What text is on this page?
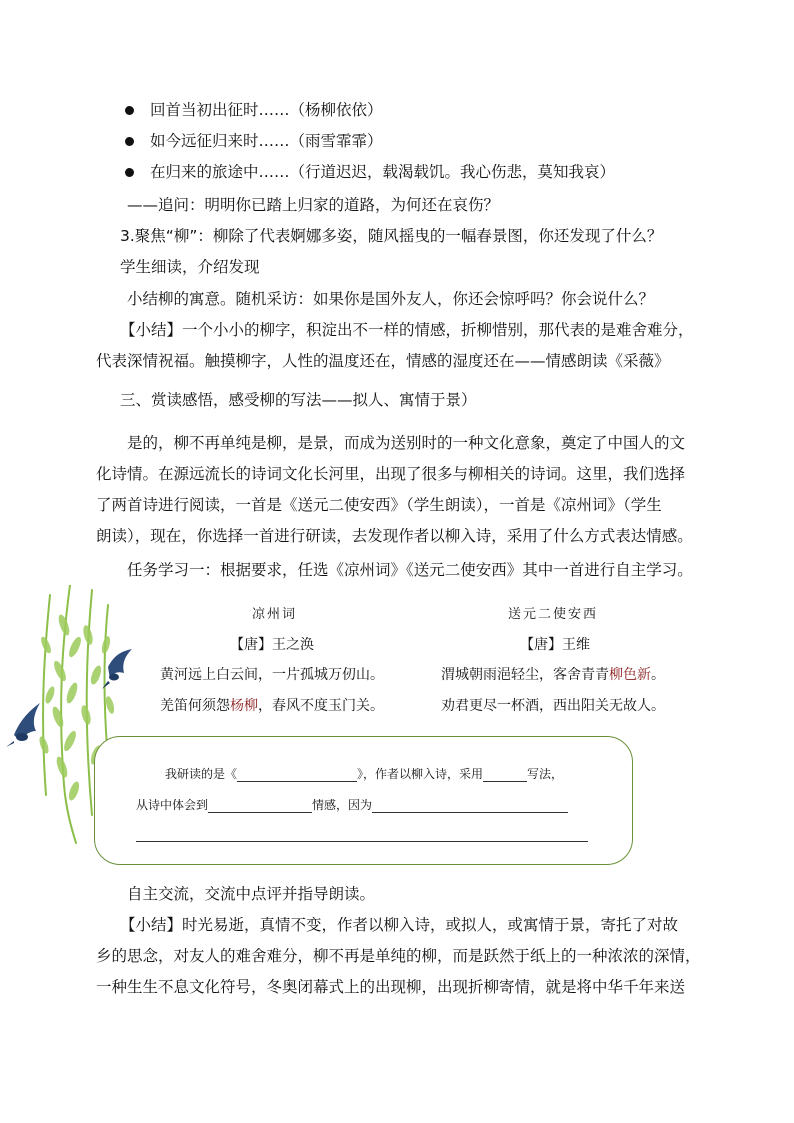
回首当初出征时……（杨柳依依）
如今远征归来时……（雨雪霏霏）
在归来的旅途中……（行道迟迟，载渴载饥。我心伤悲，莫知我哀）
——追问：明明你已踏上归家的道路，为何还在哀伤？
3.聚焦“柳”：柳除了代表婀娜多姿，随风摇曳的一幅春景图，你还发现了什么？
学生细读，介绍发现
小结柳的寓意。随机采访：如果你是国外友人，你还会惊呼吗？你会说什么？
【小结】一个小小的柳字，积淀出不一样的情感，折柳惜别，那代表的是难舍难分，
代表深情祝福。触摸柳字，人性的温度还在，情感的湿度还在——情感朗读《采薇》
三、赏读感悟，感受柳的写法——拟人、寓情于景）
是的，柳不再单纯是柳，是景，而成为送别时的一种文化意象，奠定了中国人的文
化诗情。在源远流长的诗词文化长河里，出现了很多与柳相关的诗词。这里，我们选择
了两首诗进行阅读，一首是《送元二使安西》（学生朗读），一首是《凉州词》（学生
朗读），现在，你选择一首进行研读，去发现作者以柳入诗，采用了什么方式表达情感。
任务学习一：根据要求，任选《凉州词》《送元二使安西》其中一首进行自主学习。
凉州词
【唐】王之涣
黄河远上白云间，一片孤城万仞山。
羌笛何须怨杨柳，春风不度玉门关。
送元二使安西
【唐】王维
渭城朝雨浥轻尘，客舍青青柳色新。
劝君更尽一杯酒，西出阳关无故人。
我研读的是《	》，作者以柳入诗，采用	写法，
从诗中体会到	情感，因为
自主交流，交流中点评并指导朗读。
【小结】时光易逝，真情不变，作者以柳入诗，或拟人，或寓情于景，寄托了对故
乡的思念，对友人的难舍难分，柳不再是单纯的柳，而是跃然于纸上的一种浓浓的深情，
一种生生不息文化符号，冬奥闭幕式上的出现柳，出现折柳寄情，就是将中华千年来送
